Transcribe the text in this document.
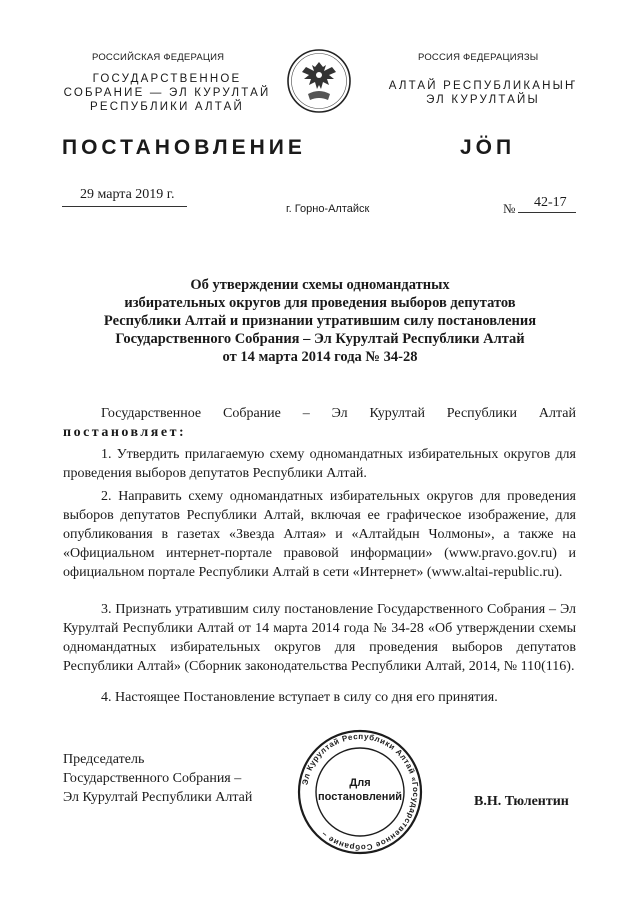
РОССИЙСКАЯ ФЕДЕРАЦИЯ
ГОСУДАРСТВЕННОЕ
СОБРАНИЕ — ЭЛ КУРУЛТАЙ
РЕСПУБЛИКИ АЛТАЙ
РОССИЯ ФЕДЕРАЦИЯЗЫ
АЛТАЙ РЕСПУБЛИКАНЫҤ
ЭЛ КУРУЛТАЙЫ
ПОСТАНОВЛЕНИЕ	JӦП
29 марта 2019 г.
г. Горно-Алтайск	№ 42-17
Об утверждении схемы одномандатных
избирательных округов для проведения выборов депутатов
Республики Алтай и признании утратившим силу постановления
Государственного Собрания – Эл Курултай Республики Алтай
от 14 марта 2014 года № 34-28
Государственное Собрание – Эл Курултай Республики Алтай
постановляет:
1. Утвердить прилагаемую схему одномандатных избирательных округов для проведения выборов депутатов Республики Алтай.
2. Направить схему одномандатных избирательных округов для проведения выборов депутатов Республики Алтай, включая ее графическое изображение, для опубликования в газетах «Звезда Алтая» и «Алтайдын Чолмоны», а также на «Официальном интернет-портале правовой информации» (www.pravo.gov.ru) и официальном портале Республики Алтай в сети «Интернет» (www.altai-republic.ru).
3. Признать утратившим силу постановление Государственного Собрания – Эл Курултай Республики Алтай от 14 марта 2014 года № 34-28 «Об утверждении схемы одномандатных избирательных округов для проведения выборов депутатов Республики Алтай» (Сборник законодательства Республики Алтай, 2014, № 110(116).
4. Настоящее Постановление вступает в силу со дня его принятия.
Председатель
Государственного Собрания –
Эл Курултай Республики Алтай	В.Н. Тюлентин
Эл Курултай Республики Алтай «Государственное Собрание –
Для
постановлений
